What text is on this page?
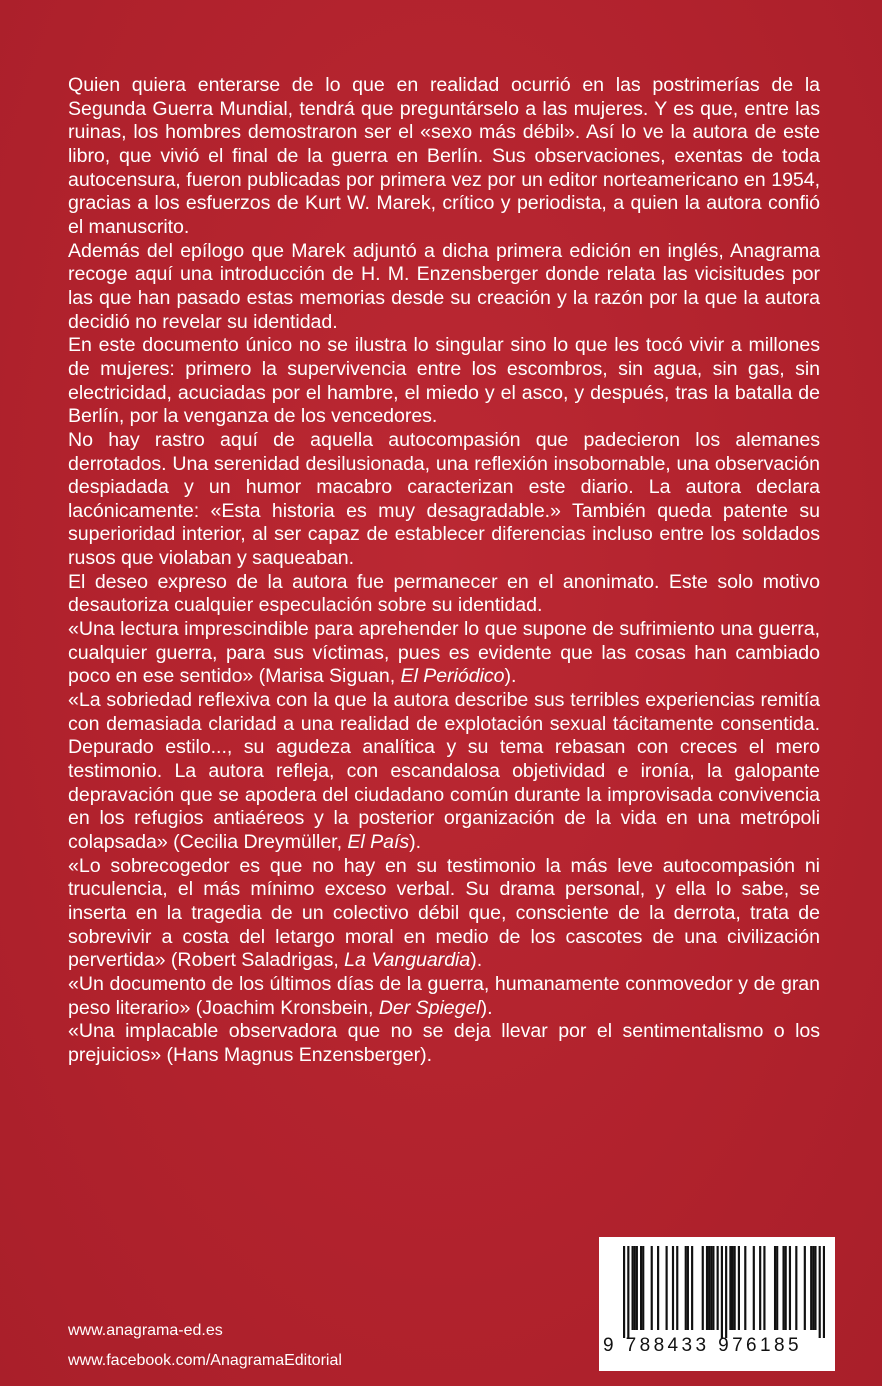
Quien quiera enterarse de lo que en realidad ocurrió en las postrimerías de la Segunda Guerra Mundial, tendrá que preguntárselo a las mujeres. Y es que, entre las ruinas, los hombres demostraron ser el «sexo más débil». Así lo ve la autora de este libro, que vivió el final de la guerra en Berlín. Sus observaciones, exentas de toda autocensura, fueron publicadas por primera vez por un editor norteamericano en 1954, gracias a los esfuerzos de Kurt W. Marek, crítico y periodista, a quien la autora confió el manuscrito.

Además del epílogo que Marek adjuntó a dicha primera edición en inglés, Anagrama recoge aquí una introducción de H. M. Enzensberger donde relata las vicisitudes por las que han pasado estas memorias desde su creación y la razón por la que la autora decidió no revelar su identidad.

En este documento único no se ilustra lo singular sino lo que les tocó vivir a millones de mujeres: primero la supervivencia entre los escombros, sin agua, sin gas, sin electricidad, acuciadas por el hambre, el miedo y el asco, y después, tras la batalla de Berlín, por la venganza de los vencedores.

No hay rastro aquí de aquella autocompasión que padecieron los alemanes derrotados. Una serenidad desilusionada, una reflexión insobornable, una observación despiadada y un humor macabro caracterizan este diario. La autora declara lacónicamente: «Esta historia es muy desagradable.» También queda patente su superioridad interior, al ser capaz de establecer diferencias incluso entre los soldados rusos que violaban y saqueaban.

El deseo expreso de la autora fue permanecer en el anonimato. Este solo motivo desautoriza cualquier especulación sobre su identidad.

«Una lectura imprescindible para aprehender lo que supone de sufrimiento una guerra, cualquier guerra, para sus víctimas, pues es evidente que las cosas han cambiado poco en ese sentido» (Marisa Siguan, El Periódico).

«La sobriedad reflexiva con la que la autora describe sus terribles experiencias remitía con demasiada claridad a una realidad de explotación sexual tácitamente consentida. Depurado estilo..., su agudeza analítica y su tema rebasan con creces el mero testimonio. La autora refleja, con escandalosa objetividad e ironía, la galopante depravación que se apodera del ciudadano común durante la improvisada convivencia en los refugios antiaéreos y la posterior organización de la vida en una metrópoli colapsada» (Cecilia Dreymüller, El País).

«Lo sobrecogedor es que no hay en su testimonio la más leve autocompasión ni truculencia, el más mínimo exceso verbal. Su drama personal, y ella lo sabe, se inserta en la tragedia de un colectivo débil que, consciente de la derrota, trata de sobrevivir a costa del letargo moral en medio de los cascotes de una civilización pervertida» (Robert Saladrigas, La Vanguardia).

«Un documento de los últimos días de la guerra, humanamente conmovedor y de gran peso literario» (Joachim Kronsbein, Der Spiegel).

«Una implacable observadora que no se deja llevar por el sentimentalismo o los prejuicios» (Hans Magnus Enzensberger).

www.anagrama-ed.es
www.facebook.com/AnagramaEditorial
9 788433 976185
